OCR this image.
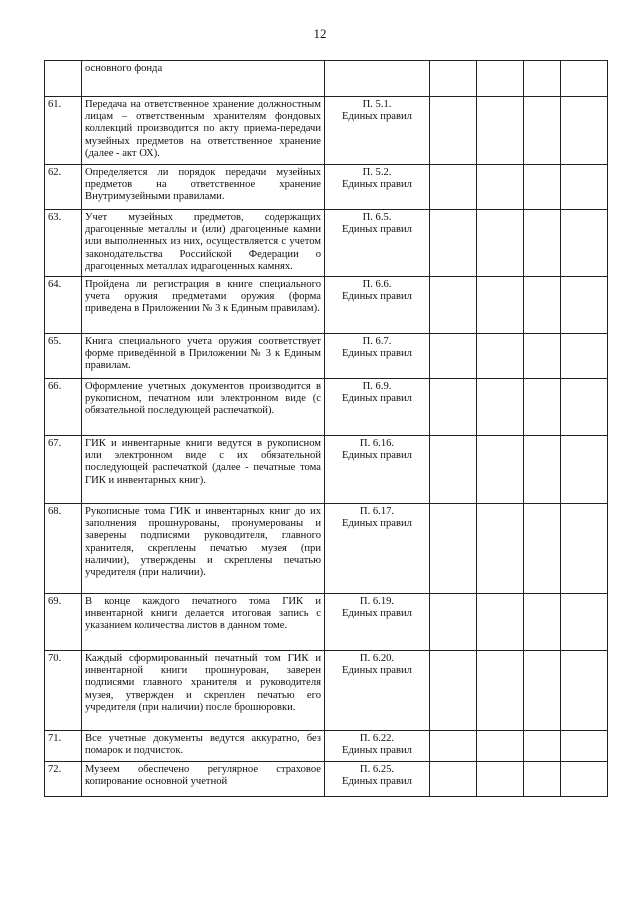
12
	основного фонда	

61.	Передача на ответственное хранение должностным лицам – ответственным хранителям фондовых коллекций производится по акту приема-передачи музейных предметов на ответственное хранение (далее - акт ОХ).	П. 5.1.
Единых правил				

62.	Определяется ли порядок передачи музейных предметов на ответственное хранение Внутримузейными правилами.	П. 5.2.
Единых правил				

63.	Учет музейных предметов, содержащих драгоценные металлы и (или) драгоценные камни или выполненных из них, осуществляется с учетом законодательства Российской Федерации о драгоценных металлах идрагоценных камнях.	П. 6.5.
Единых правил				

64.	Пройдена ли регистрация в книге специального учета оружия предметами оружия (форма приведена в Приложении № 3 к Единым правилам).	П. 6.6.
Единых правил				

65.	Книга специального учета оружия соответствует форме приведённой в Приложении № 3 к Единым правилам.	П. 6.7.
Единых правил				

66.	Оформление учетных документов производится в рукописном, печатном или электронном виде (с обязательной последующей распечаткой).	П. 6.9.
Единых правил				

67.	ГИК и инвентарные книги ведутся в рукописном или электронном виде с их обязательной последующей распечаткой (далее - печатные тома ГИК и инвентарных книг).	П. 6.16.
Единых правил				

68.	Рукописные тома ГИК и инвентарных книг до их заполнения прошнурованы, пронумерованы и заверены подписями руководителя, главного хранителя, скреплены печатью музея (при наличии), утверждены и скреплены печатью учредителя (при наличии).	П. 6.17.
Единых правил				

69.	В конце каждого печатного тома ГИК и инвентарной книги делается итоговая запись с указанием количества листов в данном томе.	П. 6.19.
Единых правил				

70.	Каждый сформированный печатный том ГИК и инвентарной книги прошнурован, заверен подписями главного хранителя и руководителя музея, утвержден и скреплен печатью его учредителя (при наличии) после брошюровки.	П. 6.20.
Единых правил				

71.	Все учетные документы ведутся аккуратно, без помарок и подчисток.	П. 6.22.
Единых правил				

72.	Музеем обеспечено регулярное страховое копирование основной учетной	П. 6.25.
Единых правил				
